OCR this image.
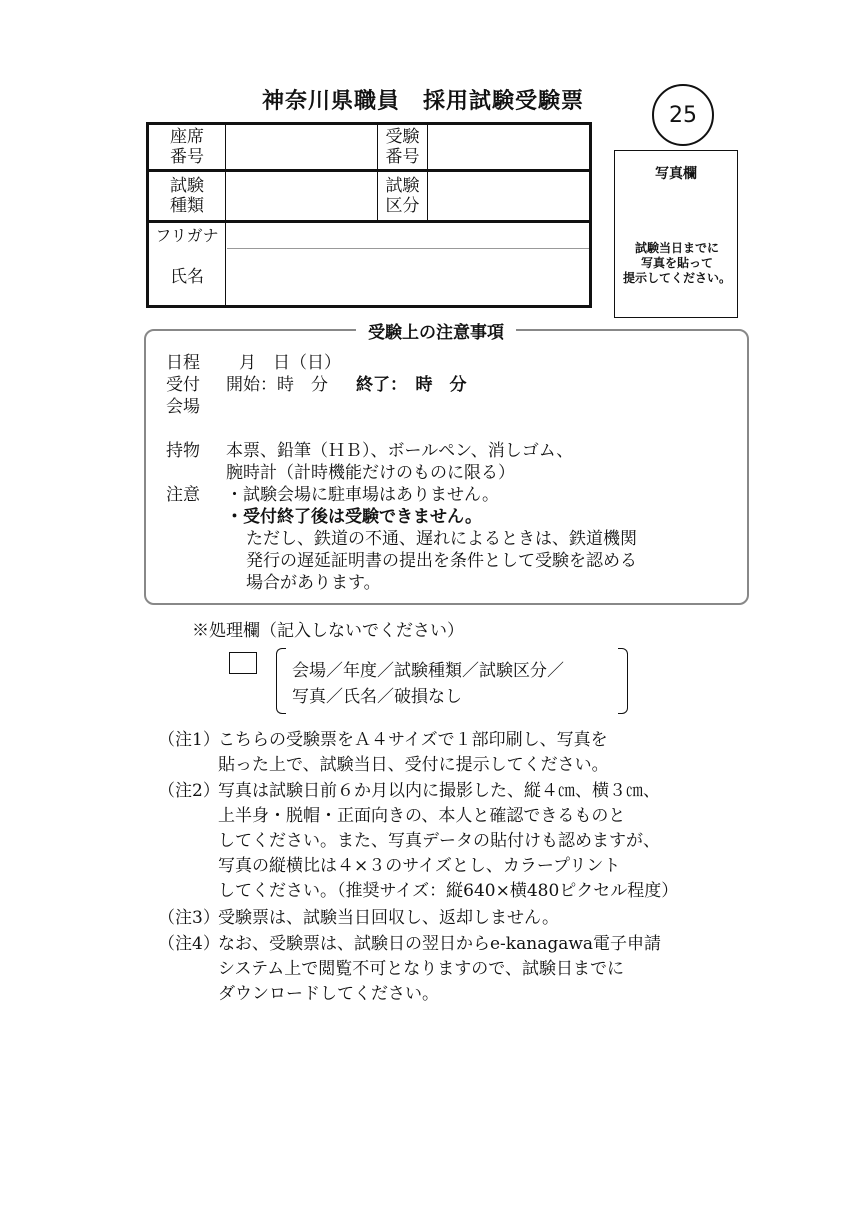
神奈川県職員　採用試験受験票
25
座席
番号
受験
番号
試験
種類
試験
区分
フリガナ
氏名
写真欄
試験当日までに
写真を貼って
提示してください。
受験上の注意事項
日程 　月　日（日）
受付 開始：時　分 終了：　時　分
会場
持物 本票、鉛筆（ＨＢ）、ボールペン、消しゴム、
腕時計（計時機能だけのものに限る）
注意 ・試験会場に駐車場はありません。
・受付終了後は受験できません。
ただし、鉄道の不通、遅れによるときは、鉄道機関
発行の遅延証明書の提出を条件として受験を認める
場合があります。
※処理欄（記入しないでください）
会場／年度／試験種類／試験区分／
写真／氏名／破損なし
（注1）
こちらの受験票をＡ４サイズで１部印刷し、写真を
貼った上で、試験当日、受付に提示してください。
（注2）
写真は試験日前６か月以内に撮影した、縦４㎝、横３㎝、
上半身・脱帽・正面向きの、本人と確認できるものと
してください。また、写真データの貼付けも認めますが、
写真の縦横比は４×３のサイズとし、カラープリント
してください。（推奨サイズ：縦640×横480ピクセル程度）
（注3）
受験票は、試験当日回収し、返却しません。
（注4）
なお、受験票は、試験日の翌日からe-kanagawa電子申請
システム上で閲覧不可となりますので、試験日までに
ダウンロードしてください。
